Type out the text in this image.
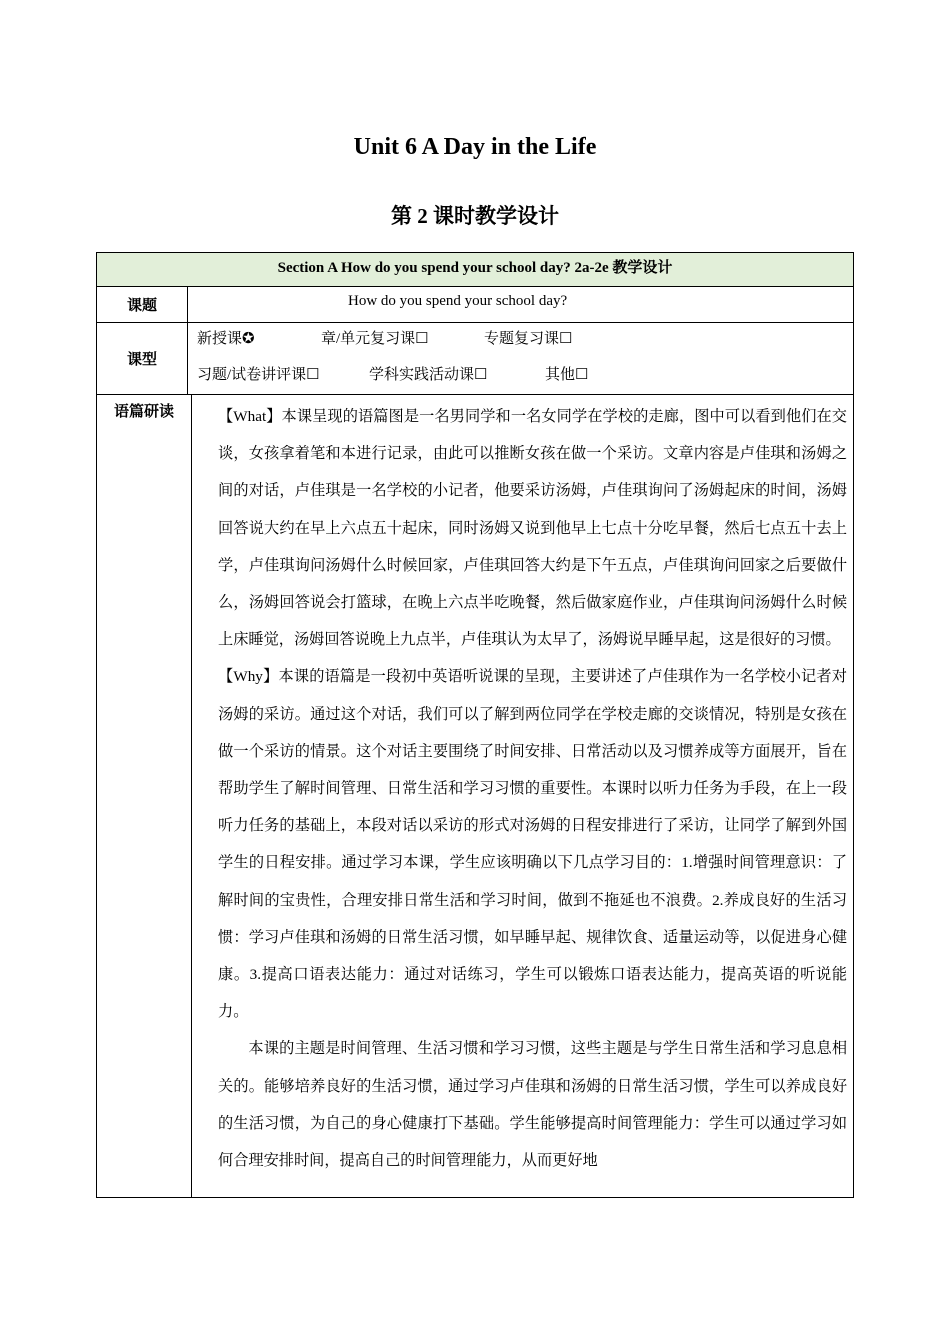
Unit 6 A Day in the Life
第 2 课时教学设计
Section A How do you spend your school day? 2a-2e 教学设计
课题	How do you spend your school day?
课型
新授课✪	章/单元复习课☐	专题复习课☐
习题/试卷讲评课☐	学科实践活动课☐	其他☐
语篇研读	【What】本课呈现的语篇图是一名男同学和一名女同学在学校的走廊，图中可以看到他们在交谈，女孩拿着笔和本进行记录，由此可以推断女孩在做一个采访。文章内容是卢佳琪和汤姆之间的对话，卢佳琪是一名学校的小记者，他要采访汤姆，卢佳琪询问了汤姆起床的时间，汤姆回答说大约在早上六点五十起床，同时汤姆又说到他早上七点十分吃早餐，然后七点五十去上学，卢佳琪询问汤姆什么时候回家，卢佳琪回答大约是下午五点，卢佳琪询问回家之后要做什么，汤姆回答说会打篮球，在晚上六点半吃晚餐，然后做家庭作业，卢佳琪询问汤姆什么时候上床睡觉，汤姆回答说晚上九点半，卢佳琪认为太早了，汤姆说早睡早起，这是很好的习惯。

【Why】本课的语篇是一段初中英语听说课的呈现，主要讲述了卢佳琪作为一名学校小记者对汤姆的采访。通过这个对话，我们可以了解到两位同学在学校走廊的交谈情况，特别是女孩在做一个采访的情景。这个对话主要围绕了时间安排、日常活动以及习惯养成等方面展开，旨在帮助学生了解时间管理、日常生活和学习习惯的重要性。本课时以听力任务为手段，在上一段听力任务的基础上，本段对话以采访的形式对汤姆的日程安排进行了采访，让同学了解到外国学生的日程安排。通过学习本课，学生应该明确以下几点学习目的：1.增强时间管理意识：了解时间的宝贵性，合理安排日常生活和学习时间，做到不拖延也不浪费。2.养成良好的生活习惯：学习卢佳琪和汤姆的日常生活习惯，如早睡早起、规律饮食、适量运动等，以促进身心健康。3.提高口语表达能力：通过对话练习，学生可以锻炼口语表达能力，提高英语的听说能力。

本课的主题是时间管理、生活习惯和学习习惯，这些主题是与学生日常生活和学习息息相关的。能够培养良好的生活习惯，通过学习卢佳琪和汤姆的日常生活习惯，学生可以养成良好的生活习惯，为自己的身心健康打下基础。学生能够提高时间管理能力：学生可以通过学习如何合理安排时间，提高自己的时间管理能力，从而更好地
